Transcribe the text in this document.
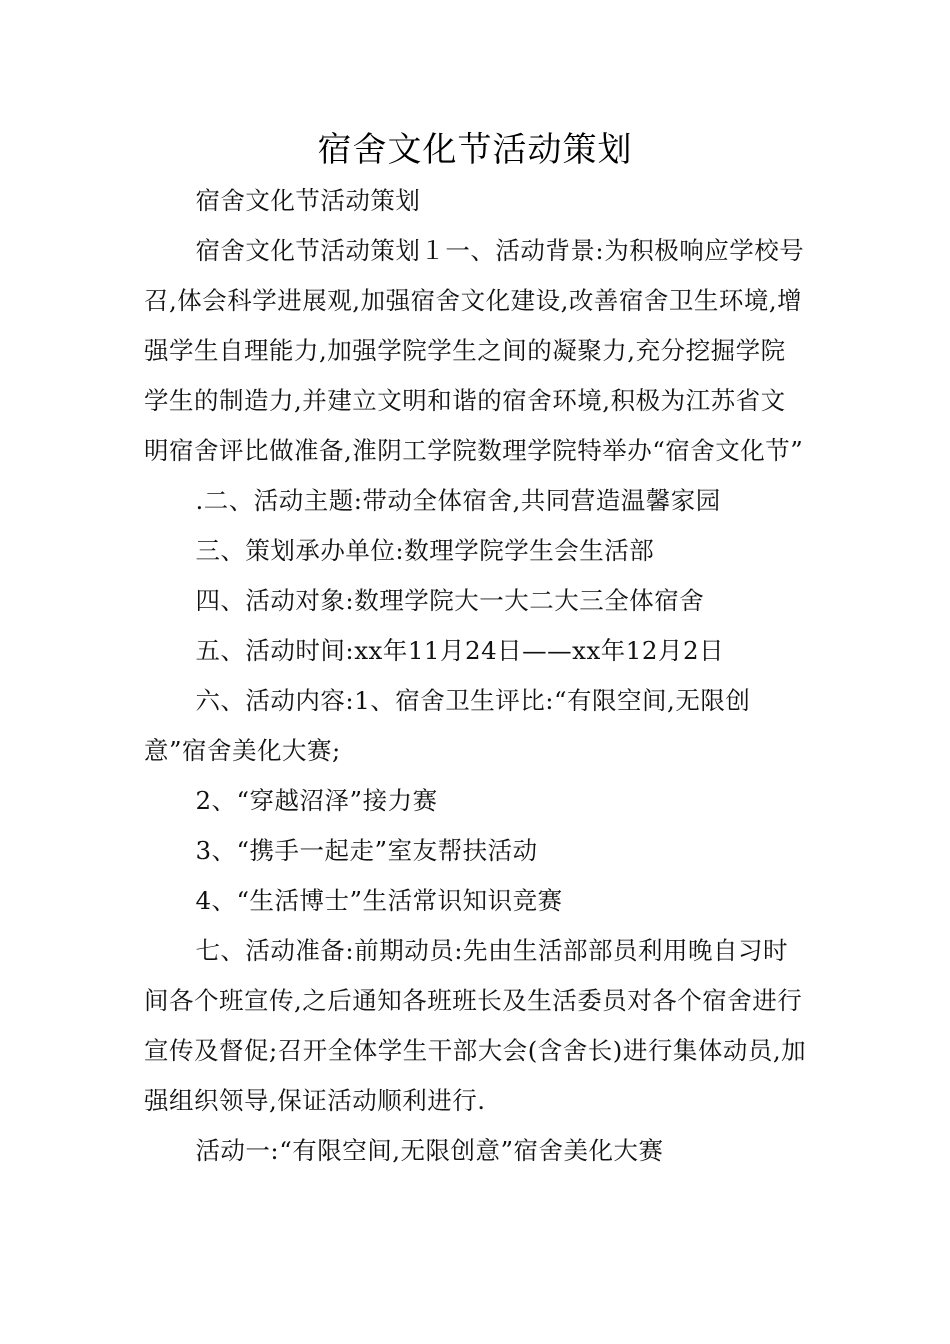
宿舍文化节活动策划

宿舍文化节活动策划

宿舍文化节活动策划１一、活动背景:为积极响应学校号召,体会科学进展观,加强宿舍文化建设,改善宿舍卫生环境,增强学生自理能力,加强学院学生之间的凝聚力,充分挖掘学院学生的制造力,并建立文明和谐的宿舍环境,积极为江苏省文明宿舍评比做准备,淮阴工学院数理学院特举办“宿舍文化节”

.二、活动主题:带动全体宿舍,共同营造温馨家园

三、策划承办单位:数理学院学生会生活部

四、活动对象:数理学院大一大二大三全体宿舍

五、活动时间:xx年11月24日——xx年12月2日

六、活动内容:1、宿舍卫生评比:“有限空间,无限创意”宿舍美化大赛;

2、“穿越沼泽”接力赛

3、“携手一起走”室友帮扶活动

4、“生活博士”生活常识知识竞赛

七、活动准备:前期动员:先由生活部部员利用晚自习时间各个班宣传,之后通知各班班长及生活委员对各个宿舍进行宣传及督促;召开全体学生干部大会(含舍长)进行集体动员,加强组织领导,保证活动顺利进行.

活动一:“有限空间,无限创意”宿舍美化大赛
